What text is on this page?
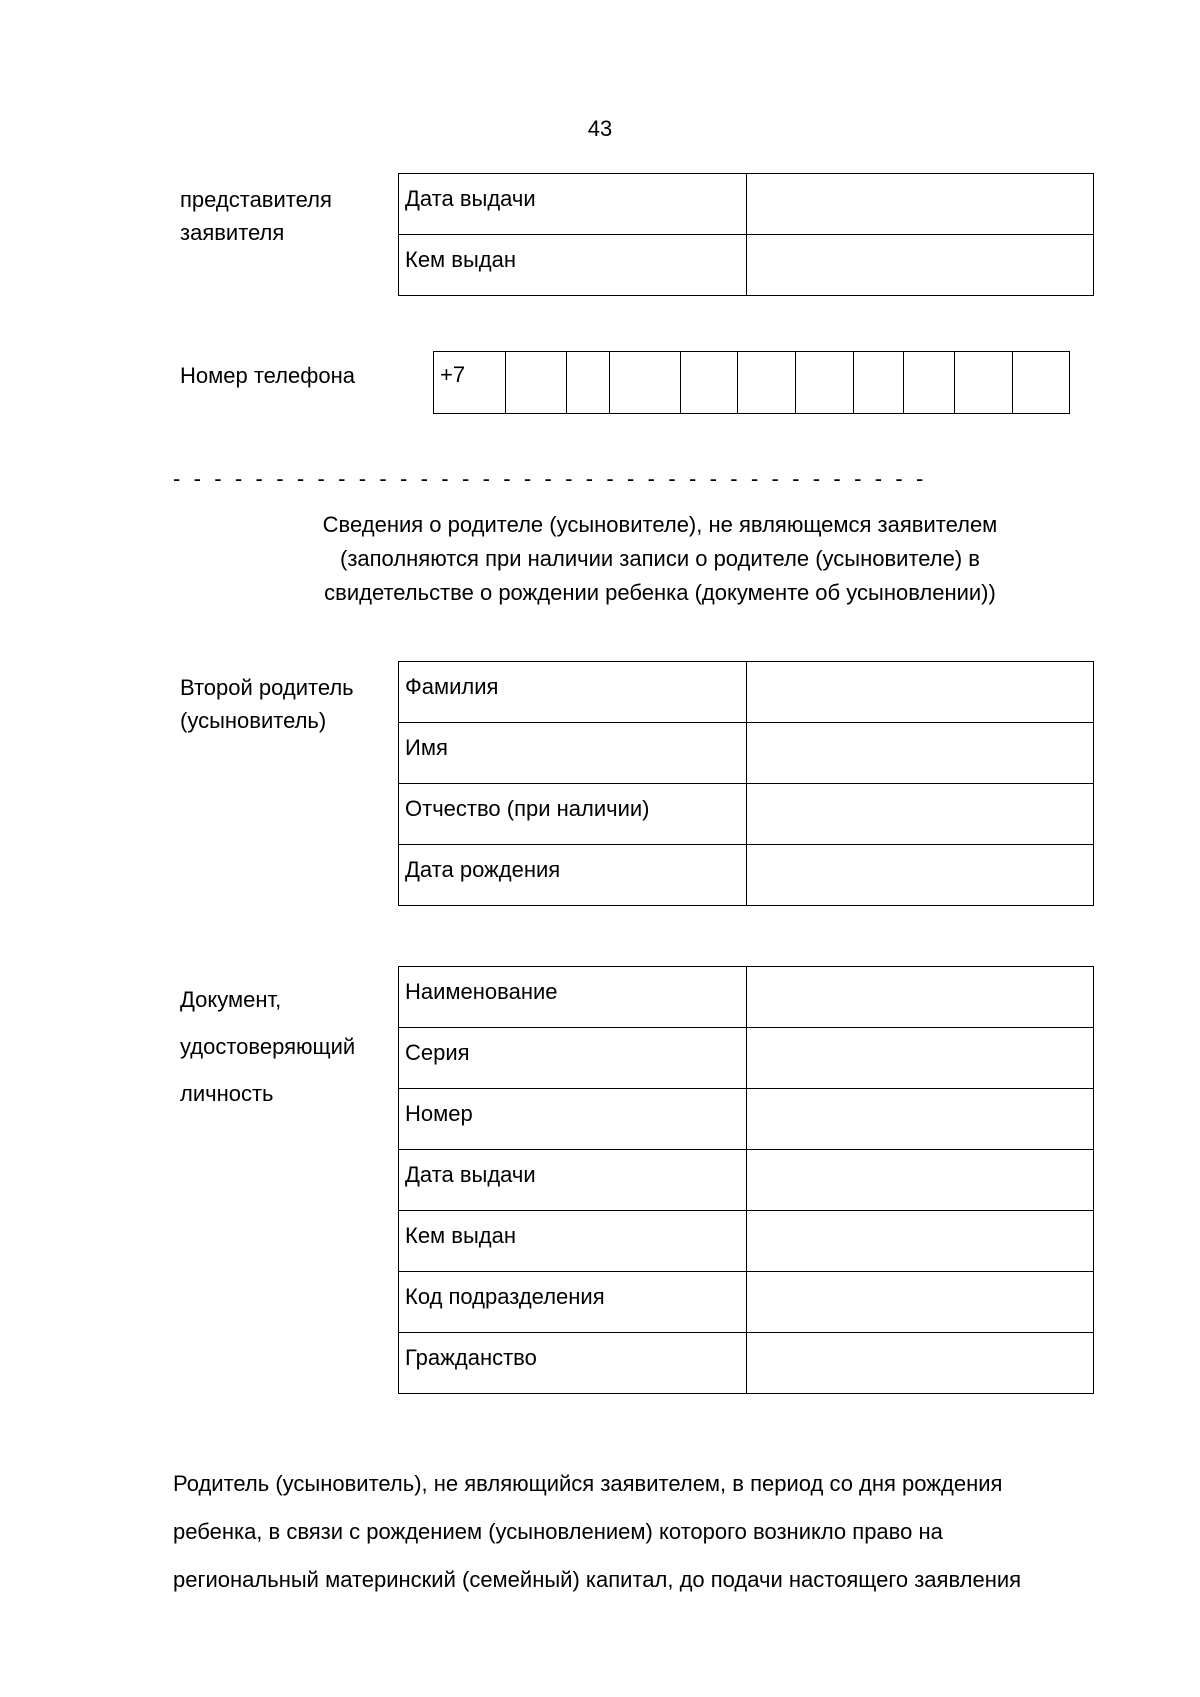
43
представителя
заявителя
Дата выдачи	
Кем выдан	
Номер телефона	+7										
- - - - - - - - - - - - - - - - - - - - - - - - - - - - - - - - - - - - -
Сведения о родителе (усыновителе), не являющемся заявителем
(заполняются при наличии записи о родителе (усыновителе) в
свидетельстве о рождении ребенка (документе об усыновлении))
Второй родитель
(усыновитель)
Фамилия	
Имя	
Отчество (при наличии)	
Дата рождения	
Документ,
удостоверяющий
личность
Наименование	
Серия	
Номер	
Дата выдачи	
Кем выдан	
Код подразделения	
Гражданство	
Родитель (усыновитель), не являющийся заявителем, в период со дня рождения
ребенка, в связи с рождением (усыновлением) которого возникло право на
региональный материнский (семейный) капитал, до подачи настоящего заявления
